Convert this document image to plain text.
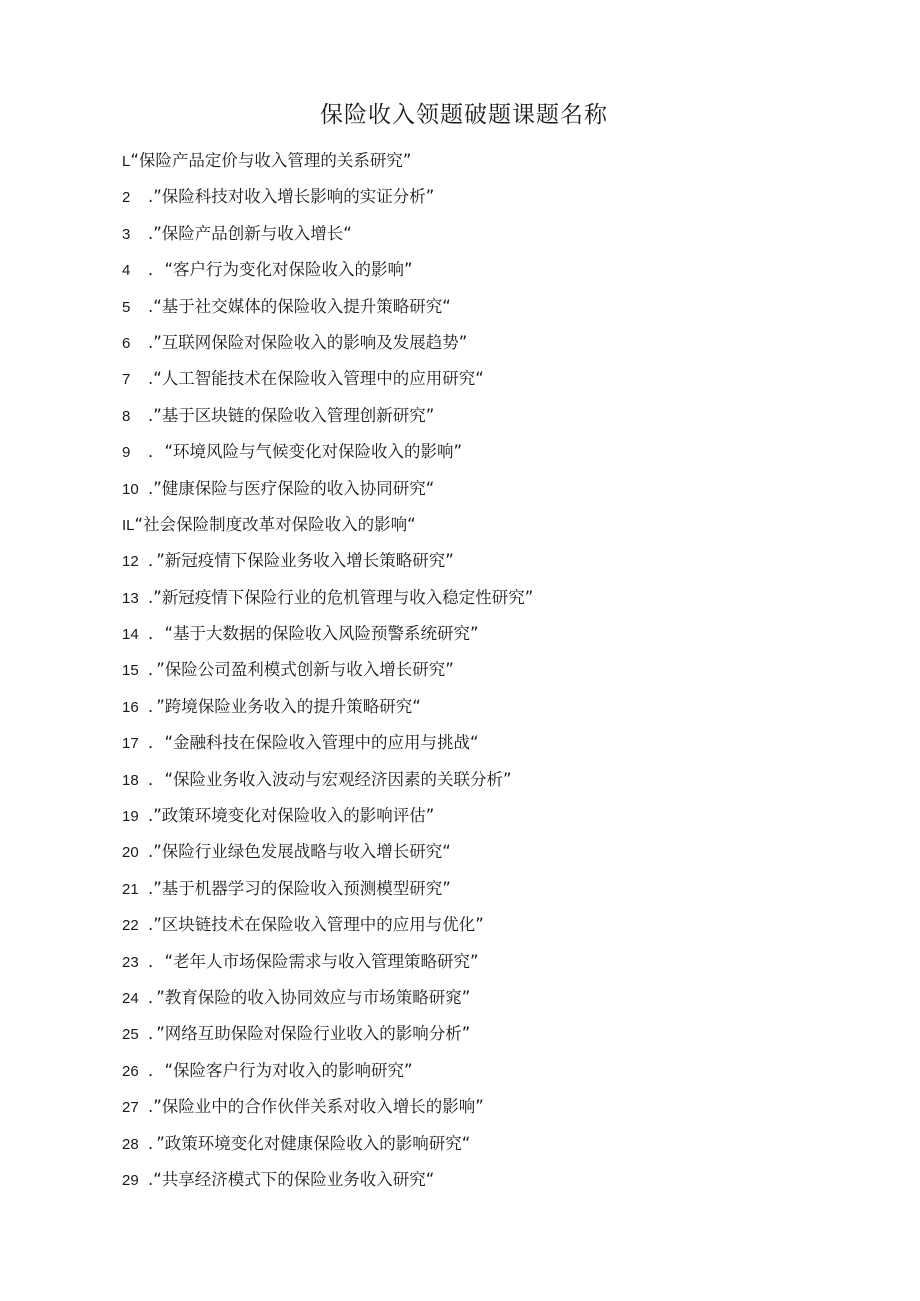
保险收入领题破题课题名称
L“保险产品定价与收入管理的关系研究”
2 .”保险科技对收入增长影响的实证分析”
3 .”保险产品创新与收入增长“
4 ．“客户行为变化对保险收入的影响”
5 .“基于社交媒体的保险收入提升策略研究“
6 .”互联网保险对保险收入的影响及发展趋势”
7 .“人工智能技术在保险收入管理中的应用研究“
8 .”基于区块链的保险收入管理创新研究”
9 ．“环境风险与气候变化对保险收入的影响”
10 .”健康保险与医疗保险的收入协同研究“
IL“社会保险制度改革对保险收入的影响“
12 ．”新冠疫情下保险业务收入增长策略研究”
13 .”新冠疫情下保险行业的危机管理与收入稳定性研究”
14 ．“基于大数据的保险收入风险预警系统研究”
15 ．”保险公司盈利模式创新与收入增长研究”
16 ．”跨境保险业务收入的提升策略研究“
17 ．“金融科技在保险收入管理中的应用与挑战“
18 ．“保险业务收入波动与宏观经济因素的关联分析”
19 .”政策环境变化对保险收入的影响评估”
20 .”保险行业绿色发展战略与收入增长研究“
21 .”基于机器学习的保险收入预测模型研究”
22 .”区块链技术在保险收入管理中的应用与优化”
23 ．“老年人市场保险需求与收入管理策略研究”
24 ．”教育保险的收入协同效应与市场策略研窕”
25 ．”网络互助保险对保险行业收入的影响分析”
26 ．“保险客户行为对收入的影响研究”
27 .”保险业中的合作伙伴关系对收入增长的影响”
28 ．”政策环境变化对健康保险收入的影响研究“
29 .“共享经济模式下的保险业务收入研究“
